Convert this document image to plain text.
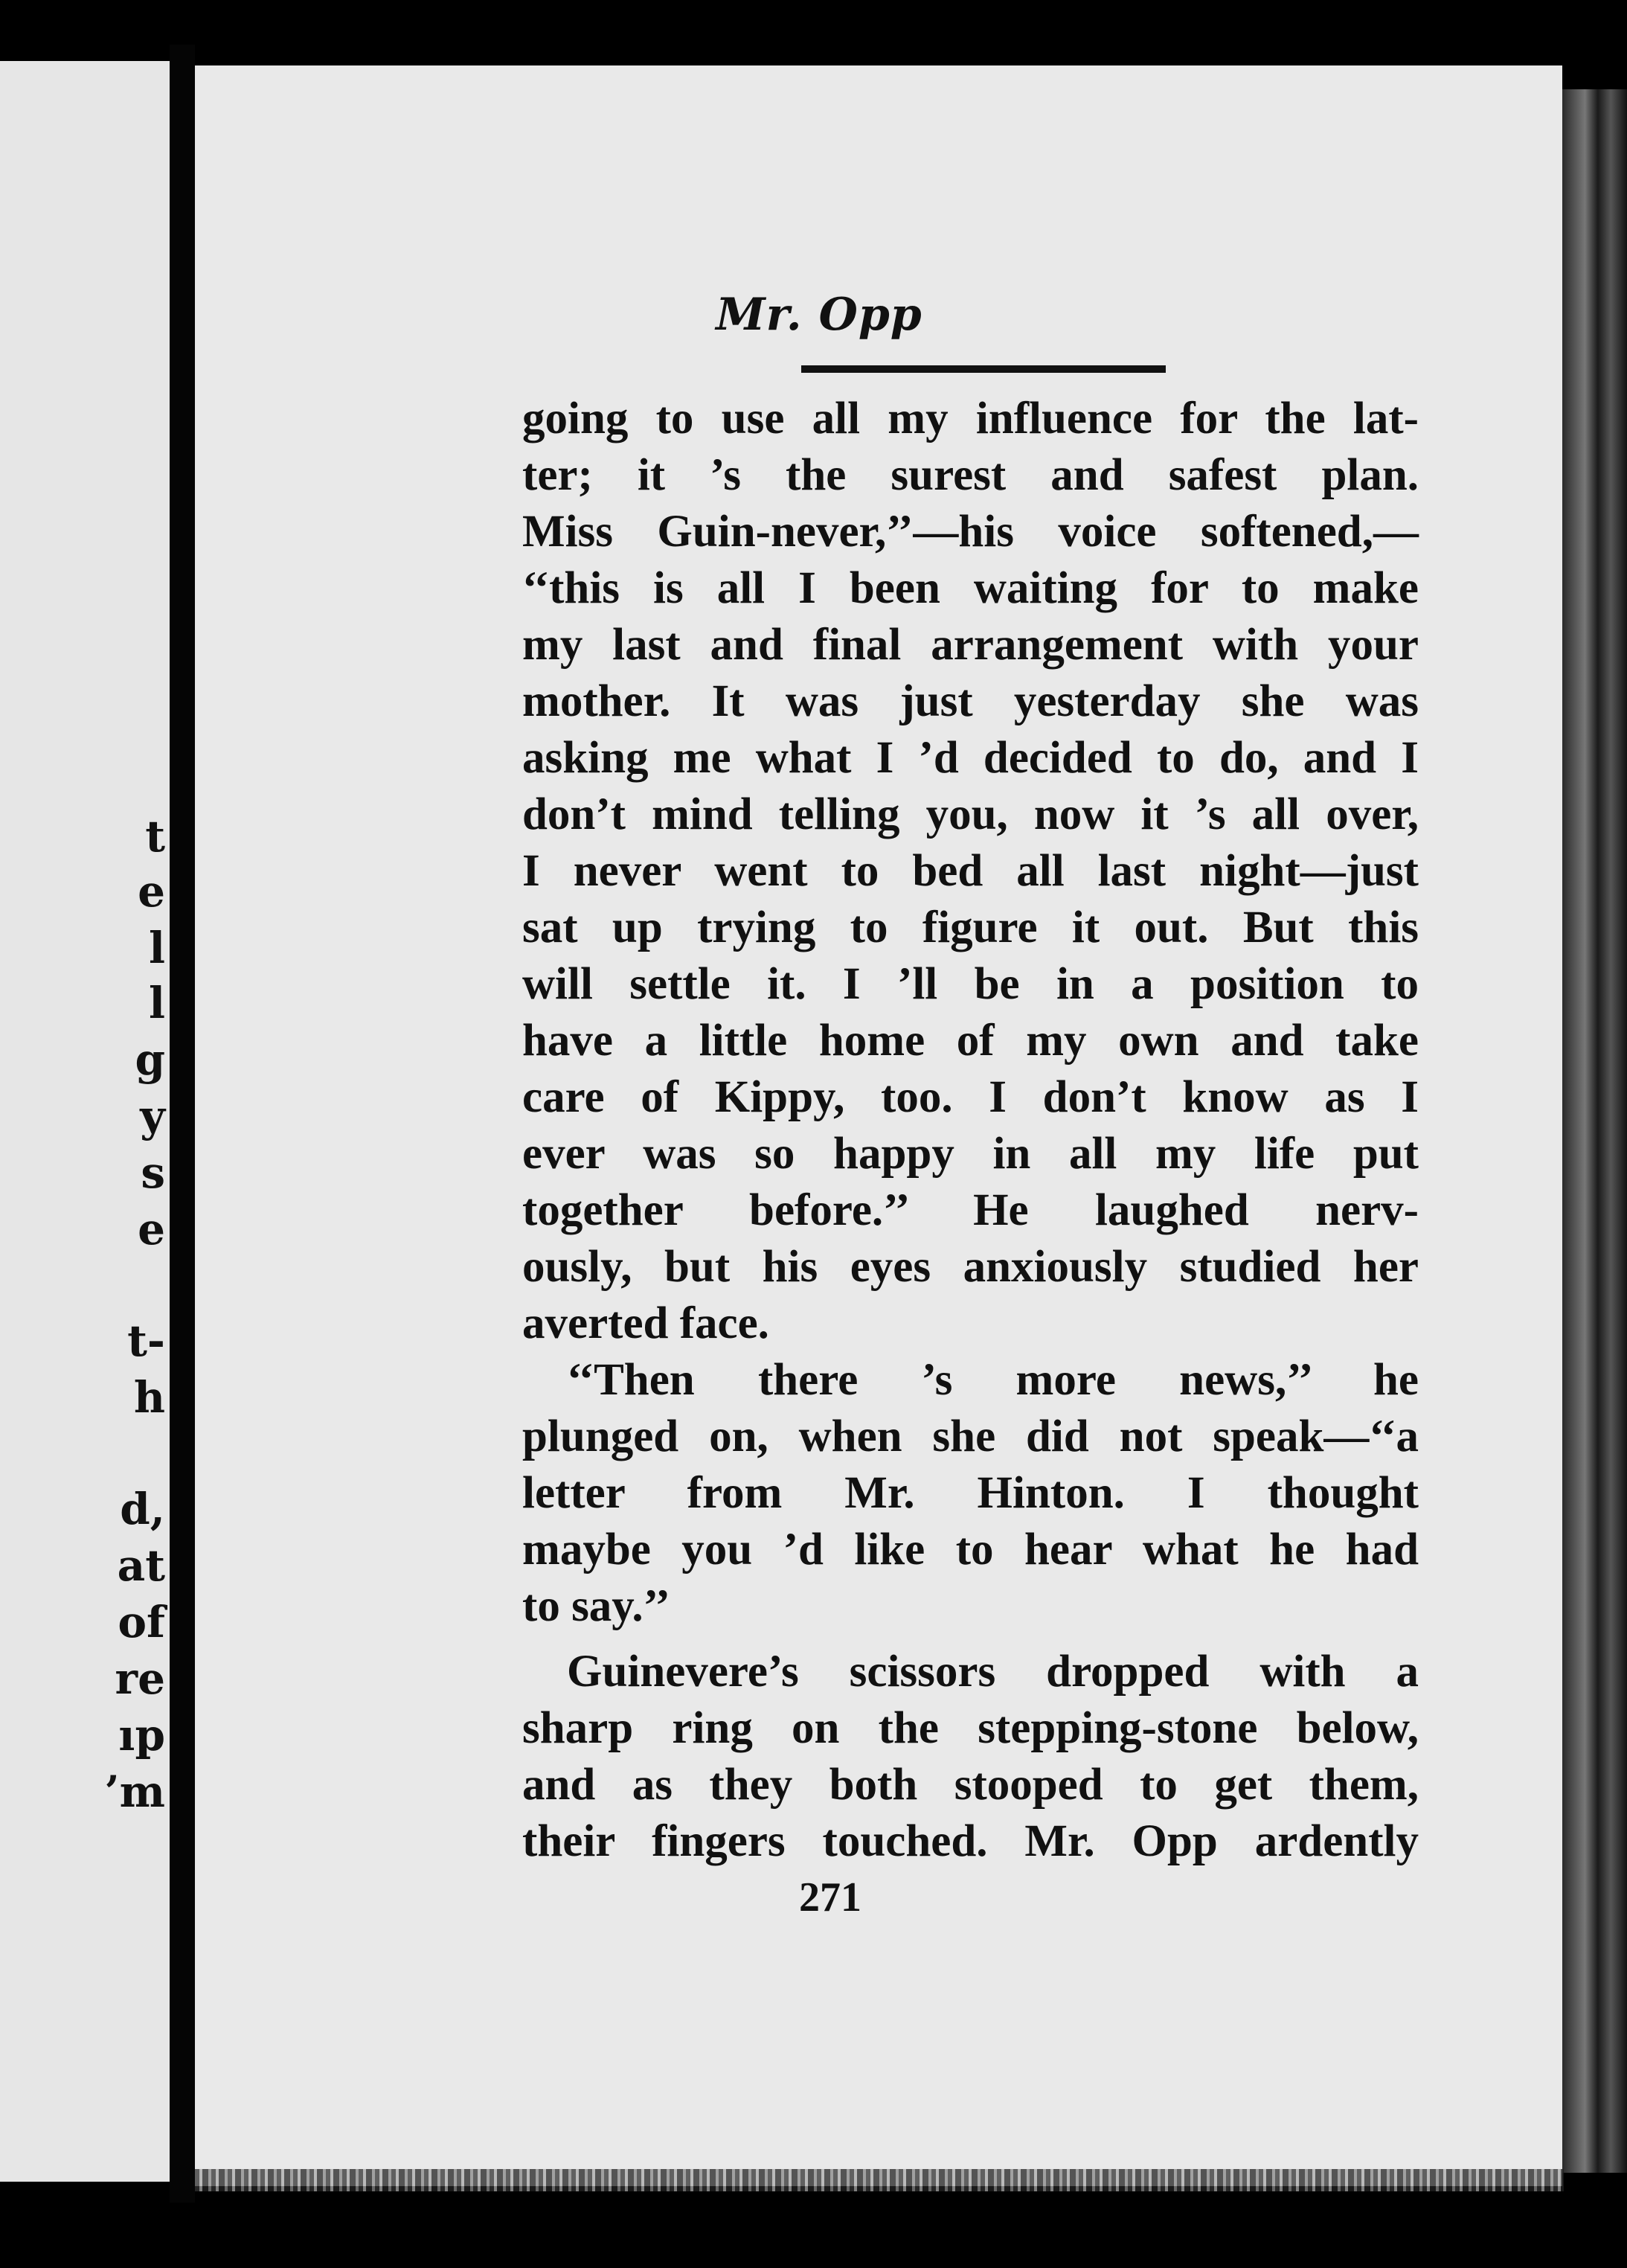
t
e
l
l
g
y
s
e
t-
h
d,
at
of
re
ıp
’m
Mr. Opp
going to use all my influence for the lat-
ter; it ’s the surest and safest plan.
Miss Guin-never,’’—his voice softened,—
‘‘this is all I been waiting for to make
my last and final arrangement with your
mother. It was just yesterday she was
asking me what I ’d decided to do, and I
don’t mind telling you, now it ’s all over,
I never went to bed all last night—just
sat up trying to figure it out. But this
will settle it. I ’ll be in a position to
have a little home of my own and take
care of Kippy, too. I don’t know as I
ever was so happy in all my life put
together before.’’ He laughed nerv-
ously, but his eyes anxiously studied her
averted face.
‘‘Then there ’s more news,’’ he
plunged on, when she did not speak—‘‘a
letter from Mr. Hinton. I thought
maybe you ’d like to hear what he had
to say.’’
Guinevere’s scissors dropped with a
sharp ring on the stepping-stone below,
and as they both stooped to get them,
their fingers touched. Mr. Opp ardently
271
